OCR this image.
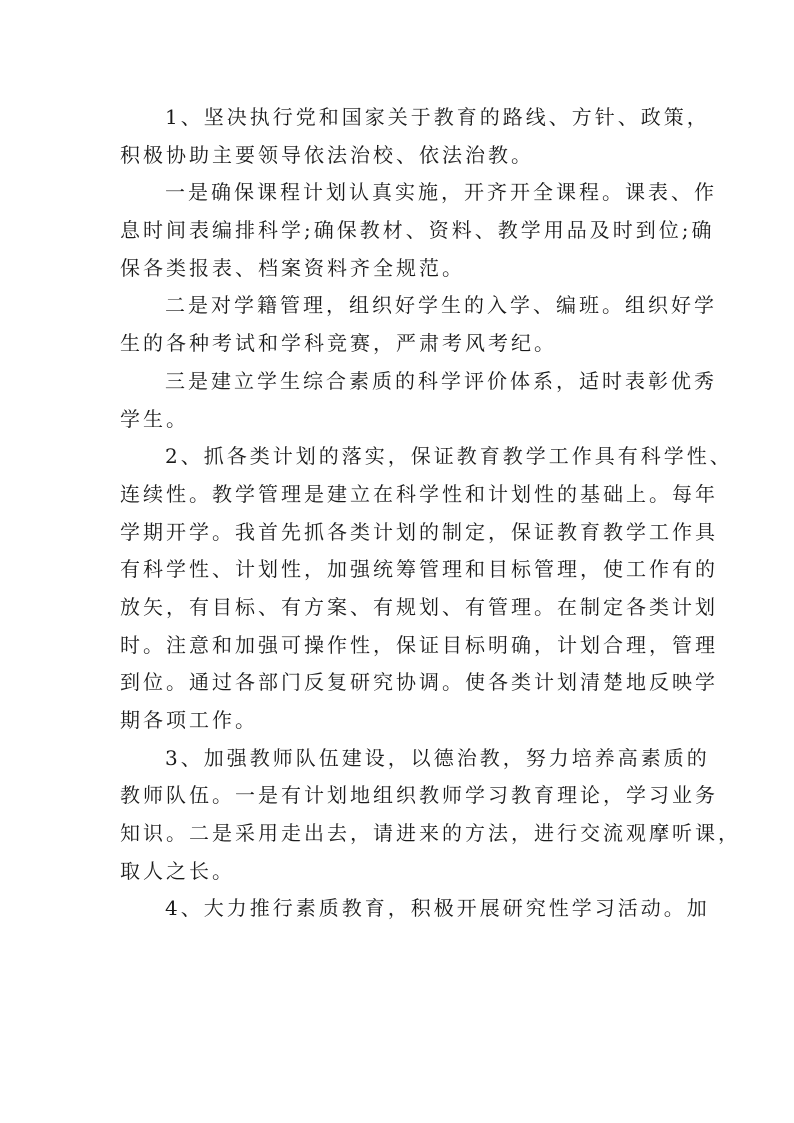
1、坚决执行党和国家关于教育的路线、方针、政策，
积极协助主要领导依法治校、依法治教。
一是确保课程计划认真实施，开齐开全课程。课表、作
息时间表编排科学;确保教材、资料、教学用品及时到位;确
保各类报表、档案资料齐全规范。
二是对学籍管理，组织好学生的入学、编班。组织好学
生的各种考试和学科竞赛，严肃考风考纪。
三是建立学生综合素质的科学评价体系，适时表彰优秀
学生。
2、抓各类计划的落实，保证教育教学工作具有科学性、
连续性。教学管理是建立在科学性和计划性的基础上。每年
学期开学。我首先抓各类计划的制定，保证教育教学工作具
有科学性、计划性，加强统筹管理和目标管理，使工作有的
放矢，有目标、有方案、有规划、有管理。在制定各类计划
时。注意和加强可操作性，保证目标明确，计划合理，管理
到位。通过各部门反复研究协调。使各类计划清楚地反映学
期各项工作。
3、加强教师队伍建设，以德治教，努力培养高素质的
教师队伍。一是有计划地组织教师学习教育理论，学习业务
知识。二是采用走出去，请进来的方法，进行交流观摩听课，
取人之长。
4、大力推行素质教育，积极开展研究性学习活动。加
